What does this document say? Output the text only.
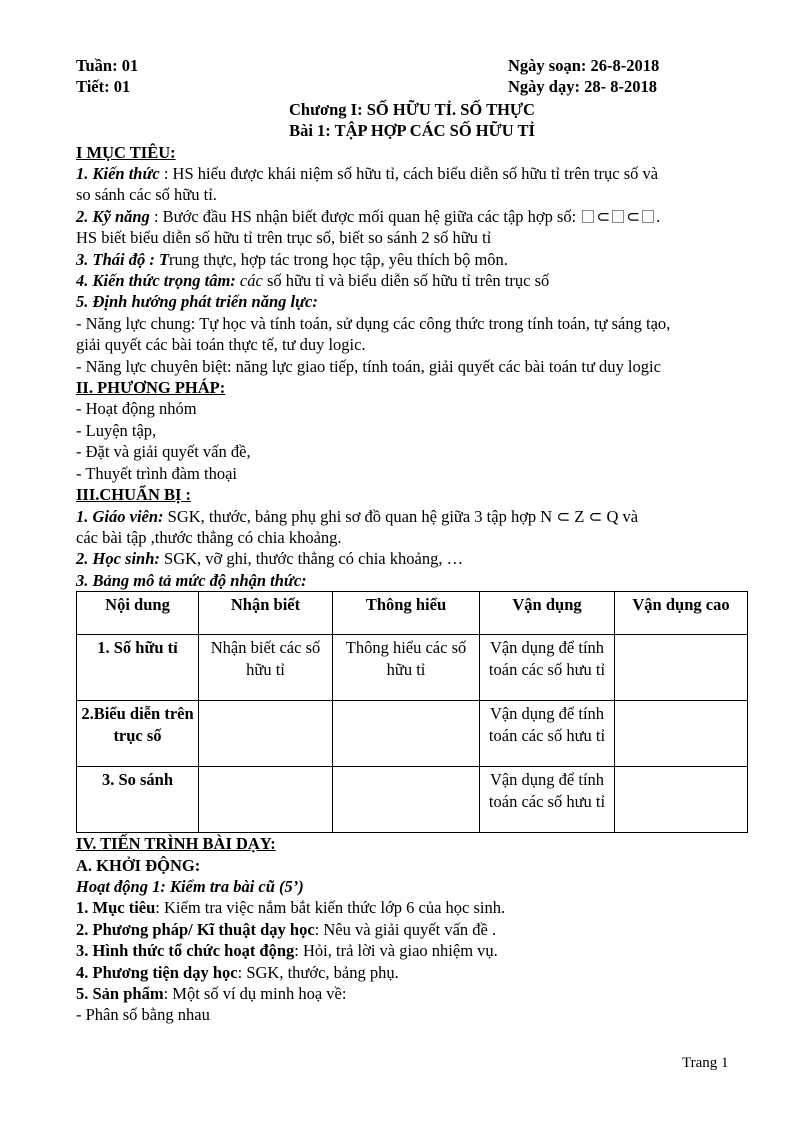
Tuần: 01	Ngày soạn: 26-8-2018
Tiết: 01	Ngày dạy: 28- 8-2018

Chương I: SỐ HỮU TỈ. SỐ THỰC

Bài 1: TẬP HỢP CÁC SỐ HỮU TỈ

I MỤC TIÊU:

1. Kiến thức : HS hiểu được khái niệm số hữu tỉ, cách biểu diễn số hữu tỉ trên trục số và

so sánh các số hữu tỉ.

2. Kỹ năng : Bước đầu HS nhận biết được mối quan hệ giữa các tập hợp số: ⊂ ⊂ .

HS biết biểu diễn số hữu tỉ trên trục số, biết so sánh 2 số hữu tỉ

3. Thái độ : Trung thực, hợp tác trong học tập, yêu thích bộ môn.

4. Kiến thức trọng tâm: các số hữu tỉ và biểu diễn số hữu tỉ trên trục số

5. Định hướng phát triển năng lực:

- Năng lực chung: Tự học và tính toán, sử dụng các công thức trong tính toán, tự sáng tạo,

giải quyết các bài toán thực tế, tư duy logic.

- Năng lực chuyên biệt: năng lực giao tiếp, tính toán, giải quyết các bài toán tư duy logic

II. PHƯƠNG PHÁP:

- Hoạt động nhóm

- Luyện tập,

- Đặt và giải quyết vấn đề,

- Thuyết trình đàm thoại

III.CHUẨN BỊ :

1. Giáo viên: SGK, thước, bảng phụ ghi sơ đồ quan hệ giữa 3 tập hợp N ⊂ Z ⊂ Q và

các bài tập ,thước thẳng có chia khoảng.

2. Học sinh: SGK, vỡ ghi, thước thẳng có chia khoảng, …

3. Bảng mô tả mức độ nhận thức:

Nội dung	Nhận biết	Thông hiểu	Vận dụng	Vận dụng cao
1. Số hữu tỉ	Nhận biết các số hữu tỉ	Thông hiểu các số hữu tỉ	Vận dụng để tính toán các số hưu tỉ	
2.Biểu diễn trên trục số			Vận dụng để tính toán các số hưu tỉ	
3. So sánh			Vận dụng để tính toán các số hưu tỉ	

IV. TIẾN TRÌNH BÀI DẠY:

A. KHỞI ĐỘNG:

Hoạt động 1: Kiểm tra bài cũ (5’)

1. Mục tiêu: Kiểm tra việc nắm bắt kiến thức lớp 6 của học sinh.

2. Phương pháp/ Kĩ thuật dạy học: Nêu và giải quyết vấn đề .

3. Hình thức tổ chức hoạt động: Hỏi, trả lời và giao nhiệm vụ.

4. Phương tiện dạy học: SGK, thước, bảng phụ.

5. Sản phẩm: Một số ví dụ minh hoạ về:

- Phân số bằng nhau

Trang 1
